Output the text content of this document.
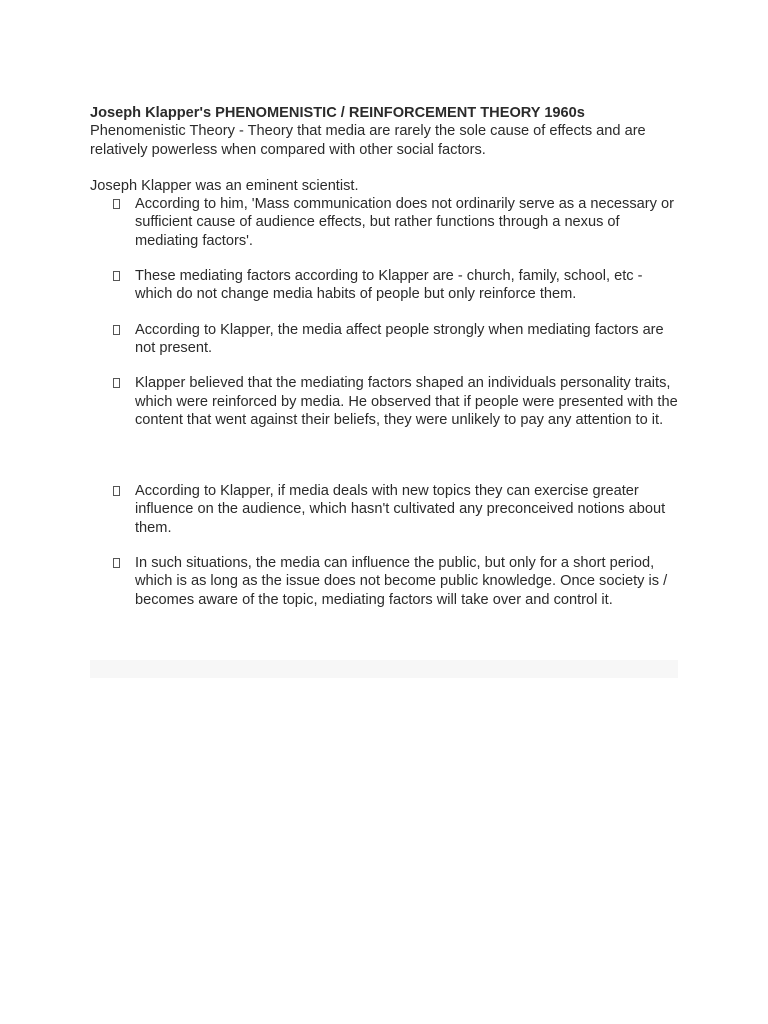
Joseph Klapper's PHENOMENISTIC / REINFORCEMENT THEORY 1960s

Phenomenistic Theory - Theory that media are rarely the sole cause of effects and are relatively powerless when compared with other social factors.

Joseph Klapper was an eminent scientist.

According to him, 'Mass communication does not ordinarily serve as a necessary or sufficient cause of audience effects, but rather functions through a nexus of mediating factors'.
These mediating factors according to Klapper are - church, family, school, etc - which do not change media habits of people but only reinforce them.
According to Klapper, the media affect people strongly when mediating factors are not present.
Klapper believed that the mediating factors shaped an individuals personality traits, which were reinforced by media. He observed that if people were presented with the content that went against their beliefs, they were unlikely to pay any attention to it.
According to Klapper, if media deals with new topics they can exercise greater influence on the audience, which hasn't cultivated any preconceived notions about them.
In such situations, the media can influence the public, but only for a short period, which is as long as the issue does not become public knowledge. Once society is / becomes aware of the topic, mediating factors will take over and control it.
